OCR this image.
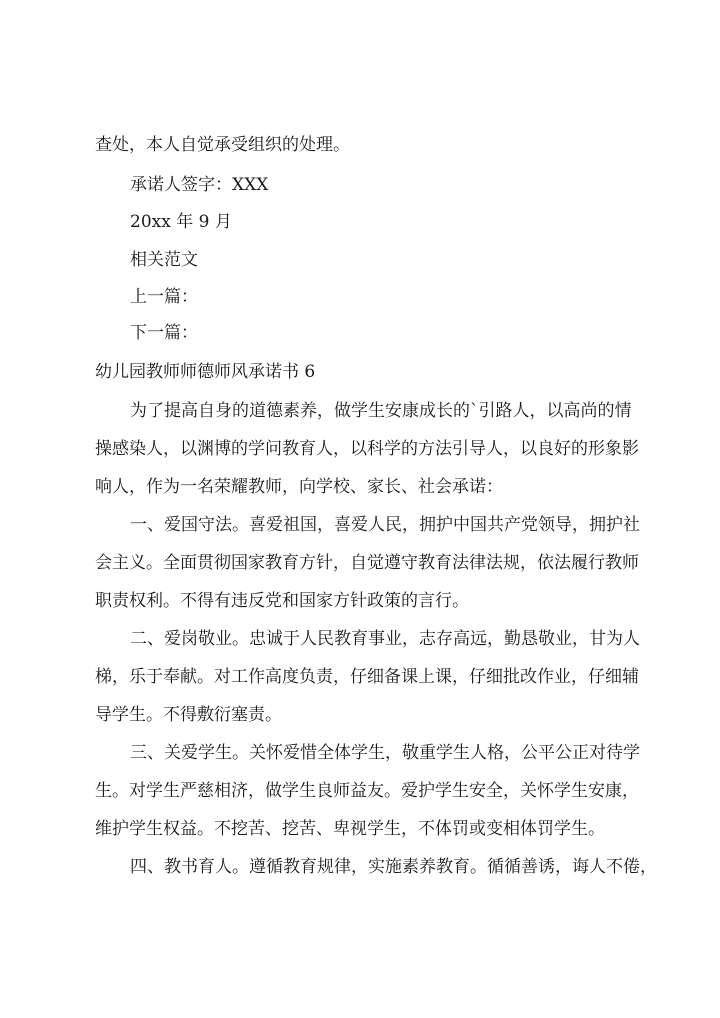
查处，本人自觉承受组织的处理。

承诺人签字：XXX

20xx 年 9 月

相关范文

上一篇：

下一篇：

幼儿园教师师德师风承诺书 6

为了提高自身的道德素养，做学生安康成长的`引路人，以高尚的情

操感染人，以渊博的学问教育人，以科学的方法引导人，以良好的形象影

响人，作为一名荣耀教师，向学校、家长、社会承诺：

一、爱国守法。喜爱祖国，喜爱人民，拥护中国共产党领导，拥护社

会主义。全面贯彻国家教育方针，自觉遵守教育法律法规，依法履行教师

职责权利。不得有违反党和国家方针政策的言行。

二、爱岗敬业。忠诚于人民教育事业，志存高远，勤恳敬业，甘为人

梯，乐于奉献。对工作高度负责，仔细备课上课，仔细批改作业，仔细辅

导学生。不得敷衍塞责。

三、关爱学生。关怀爱惜全体学生，敬重学生人格，公平公正对待学

生。对学生严慈相济，做学生良师益友。爱护学生安全，关怀学生安康，

维护学生权益。不挖苦、挖苦、卑视学生，不体罚或变相体罚学生。

四、教书育人。遵循教育规律，实施素养教育。循循善诱，诲人不倦，
